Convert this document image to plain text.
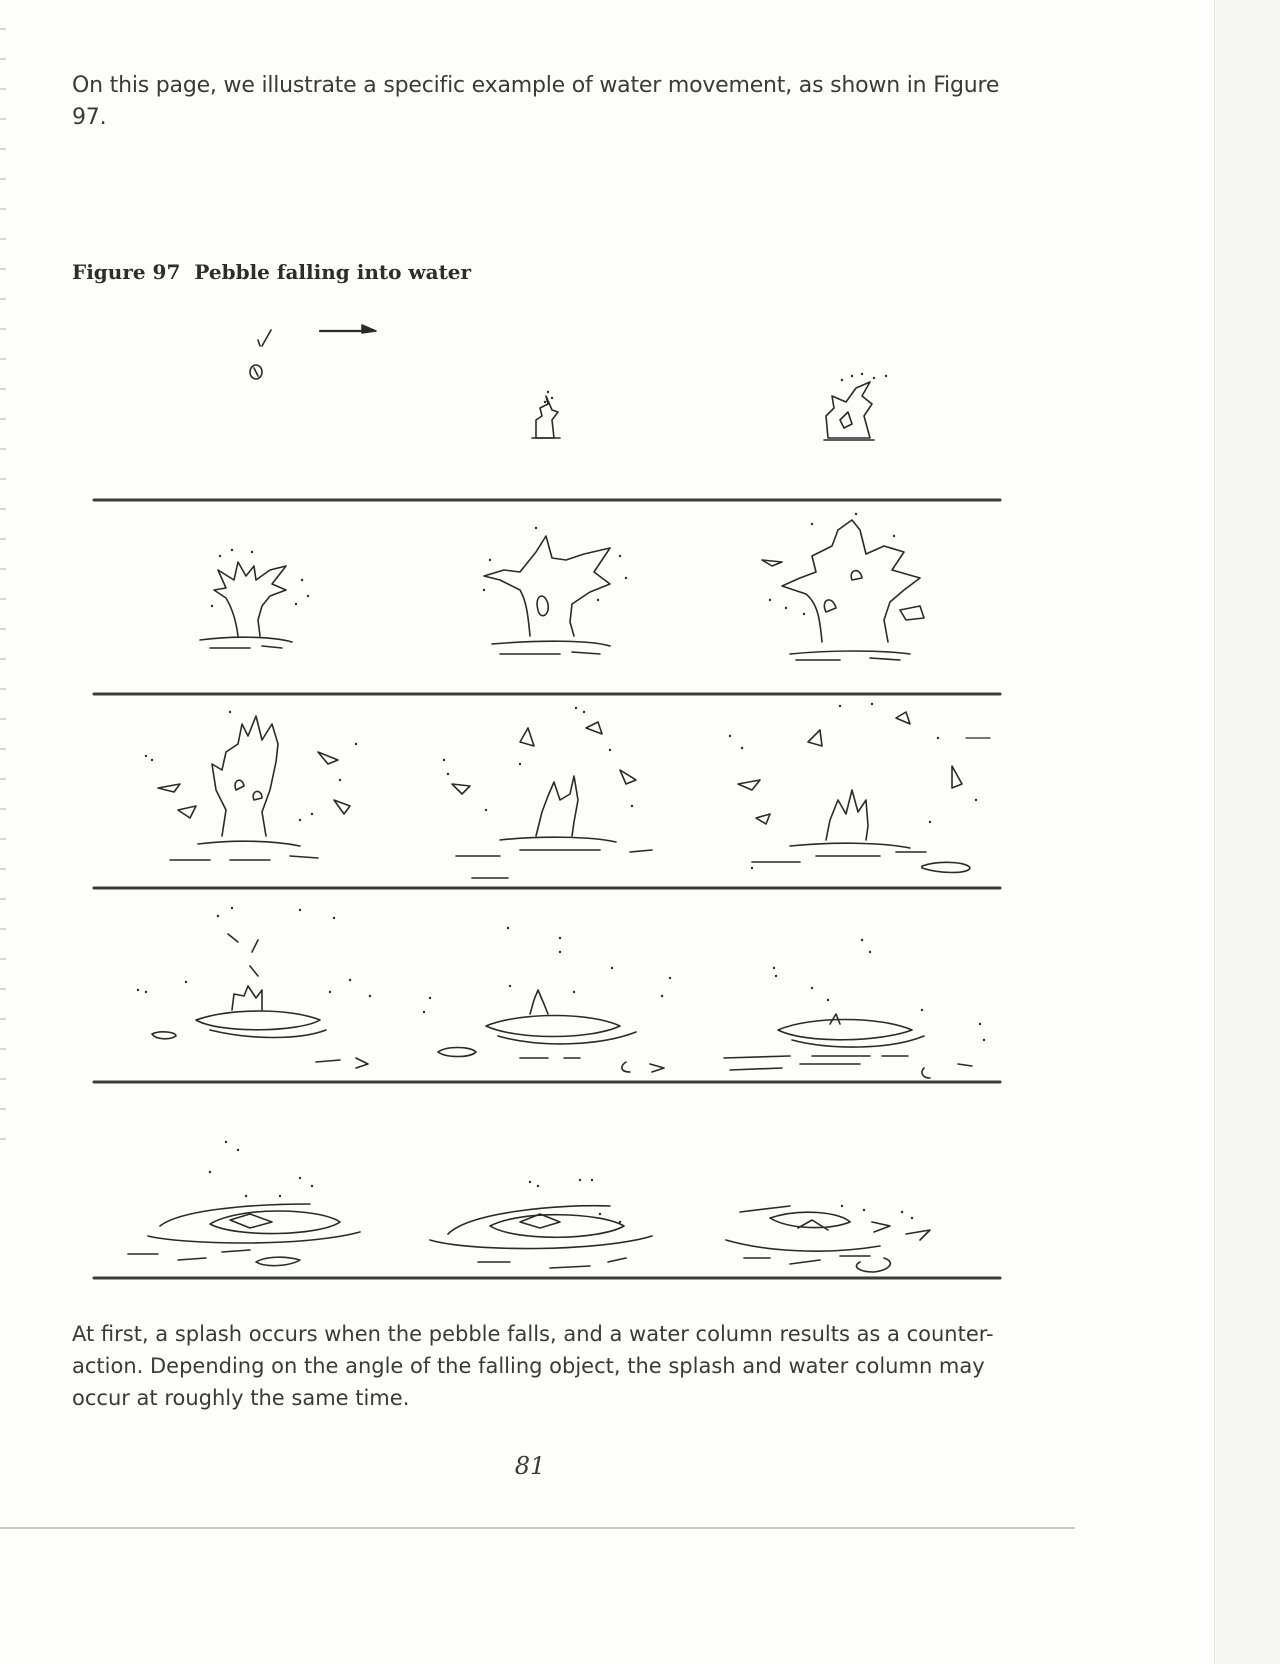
On this page, we illustrate a specific example of water movement, as shown in Figure 97.

Figure 97 Pebble falling into water

At first, a splash occurs when the pebble falls, and a water column results as a counter-action. Depending on the angle of the falling object, the splash and water column may occur at roughly the same time.

81
